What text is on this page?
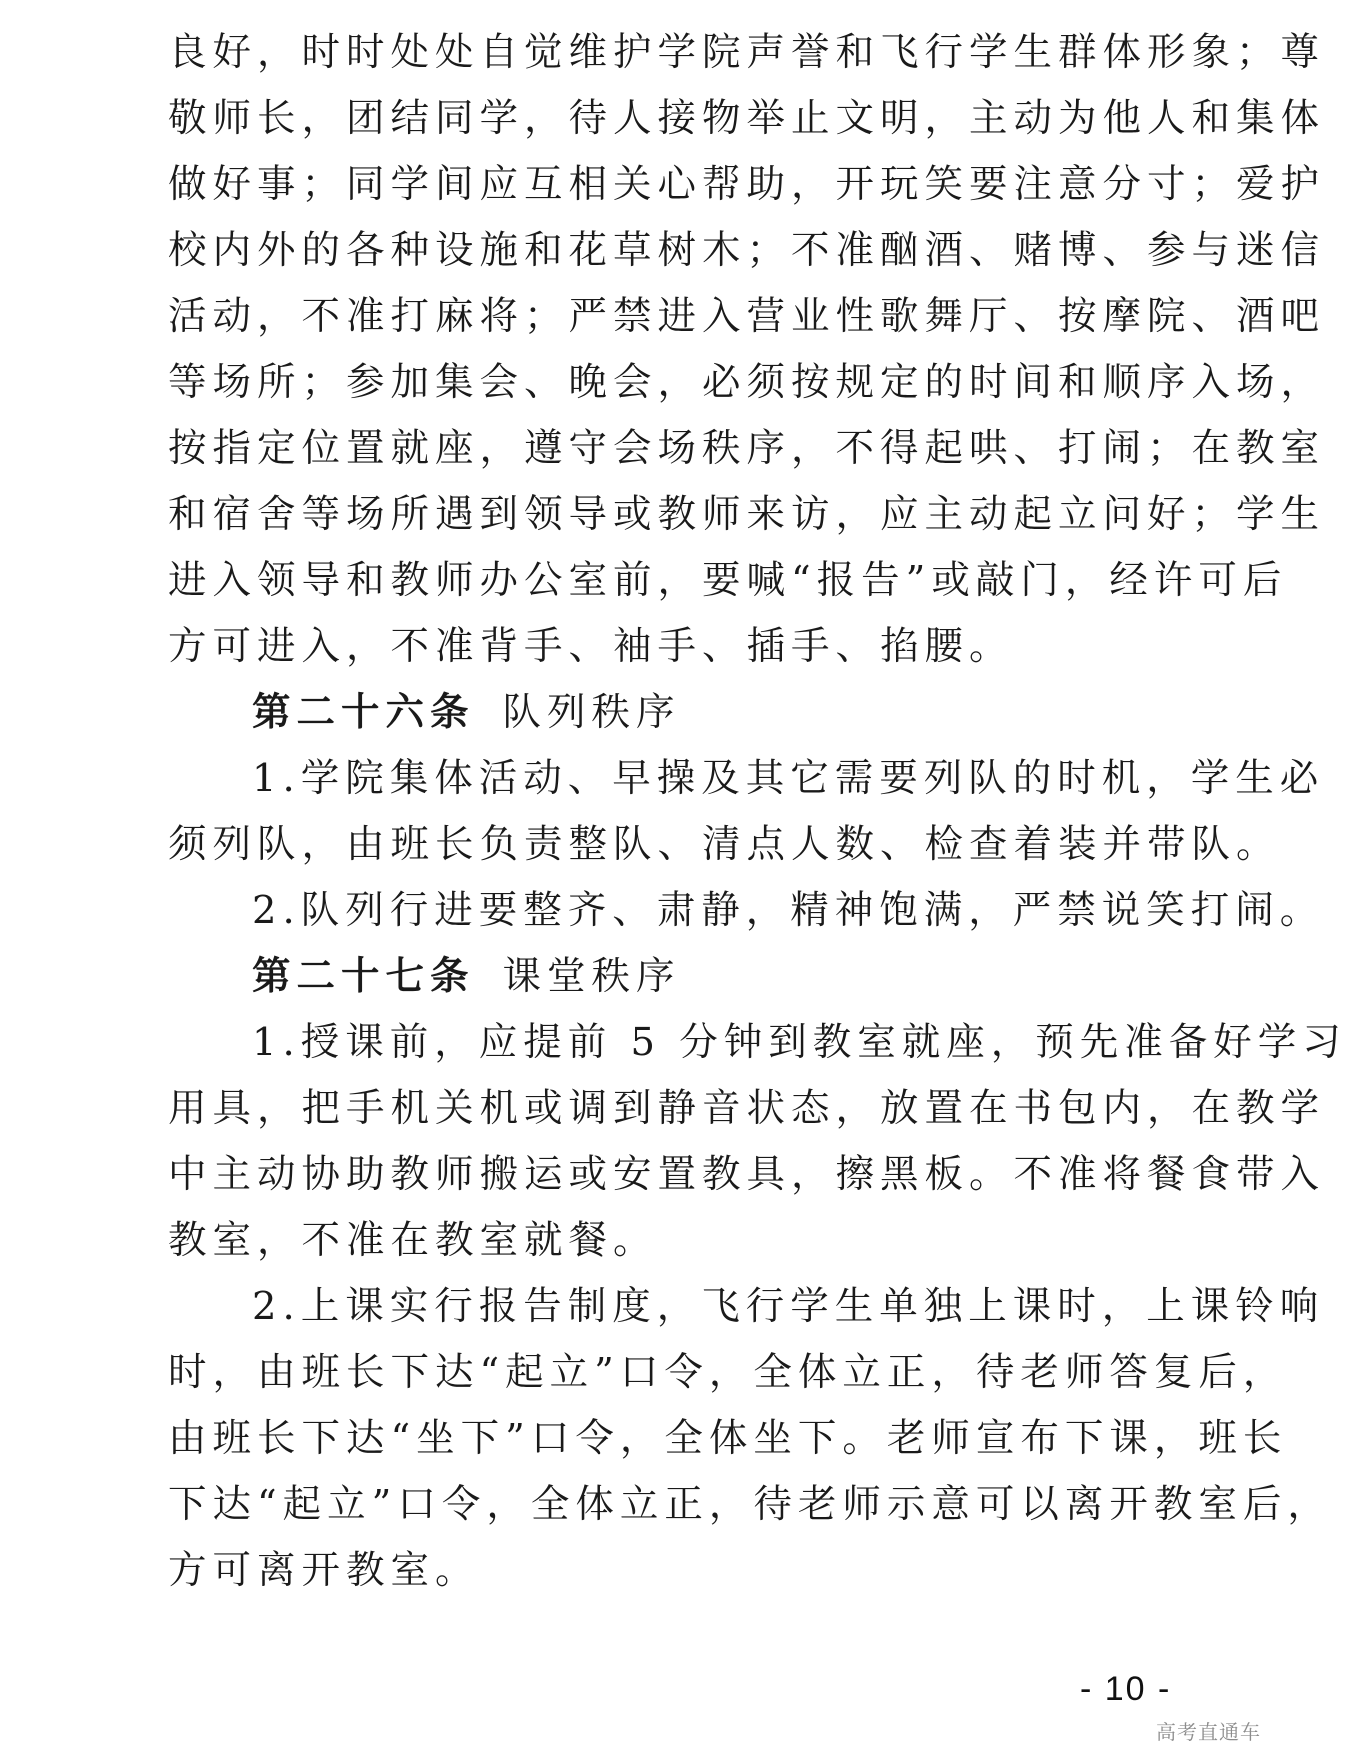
良好，时时处处自觉维护学院声誉和飞行学生群体形象；尊
敬师长，团结同学，待人接物举止文明，主动为他人和集体
做好事；同学间应互相关心帮助，开玩笑要注意分寸；爱护
校内外的各种设施和花草树木；不准酗酒、赌博、参与迷信
活动，不准打麻将；严禁进入营业性歌舞厅、按摩院、酒吧
等场所；参加集会、晚会，必须按规定的时间和顺序入场，
按指定位置就座，遵守会场秩序，不得起哄、打闹；在教室
和宿舍等场所遇到领导或教师来访，应主动起立问好；学生
进入领导和教师办公室前，要喊“报告”或敲门，经许可后
方可进入，不准背手、袖手、插手、掐腰。
第二十六条 队列秩序
1.学院集体活动、早操及其它需要列队的时机，学生必
须列队，由班长负责整队、清点人数、检查着装并带队。
2.队列行进要整齐、肃静，精神饱满，严禁说笑打闹。
第二十七条 课堂秩序
1.授课前，应提前 5 分钟到教室就座，预先准备好学习
用具，把手机关机或调到静音状态，放置在书包内，在教学
中主动协助教师搬运或安置教具，擦黑板。不准将餐食带入
教室，不准在教室就餐。
2.上课实行报告制度，飞行学生单独上课时，上课铃响
时，由班长下达“起立”口令，全体立正，待老师答复后，
由班长下达“坐下”口令，全体坐下。老师宣布下课，班长
下达“起立”口令，全体立正，待老师示意可以离开教室后，
方可离开教室。
- 10 -
高考直通车
